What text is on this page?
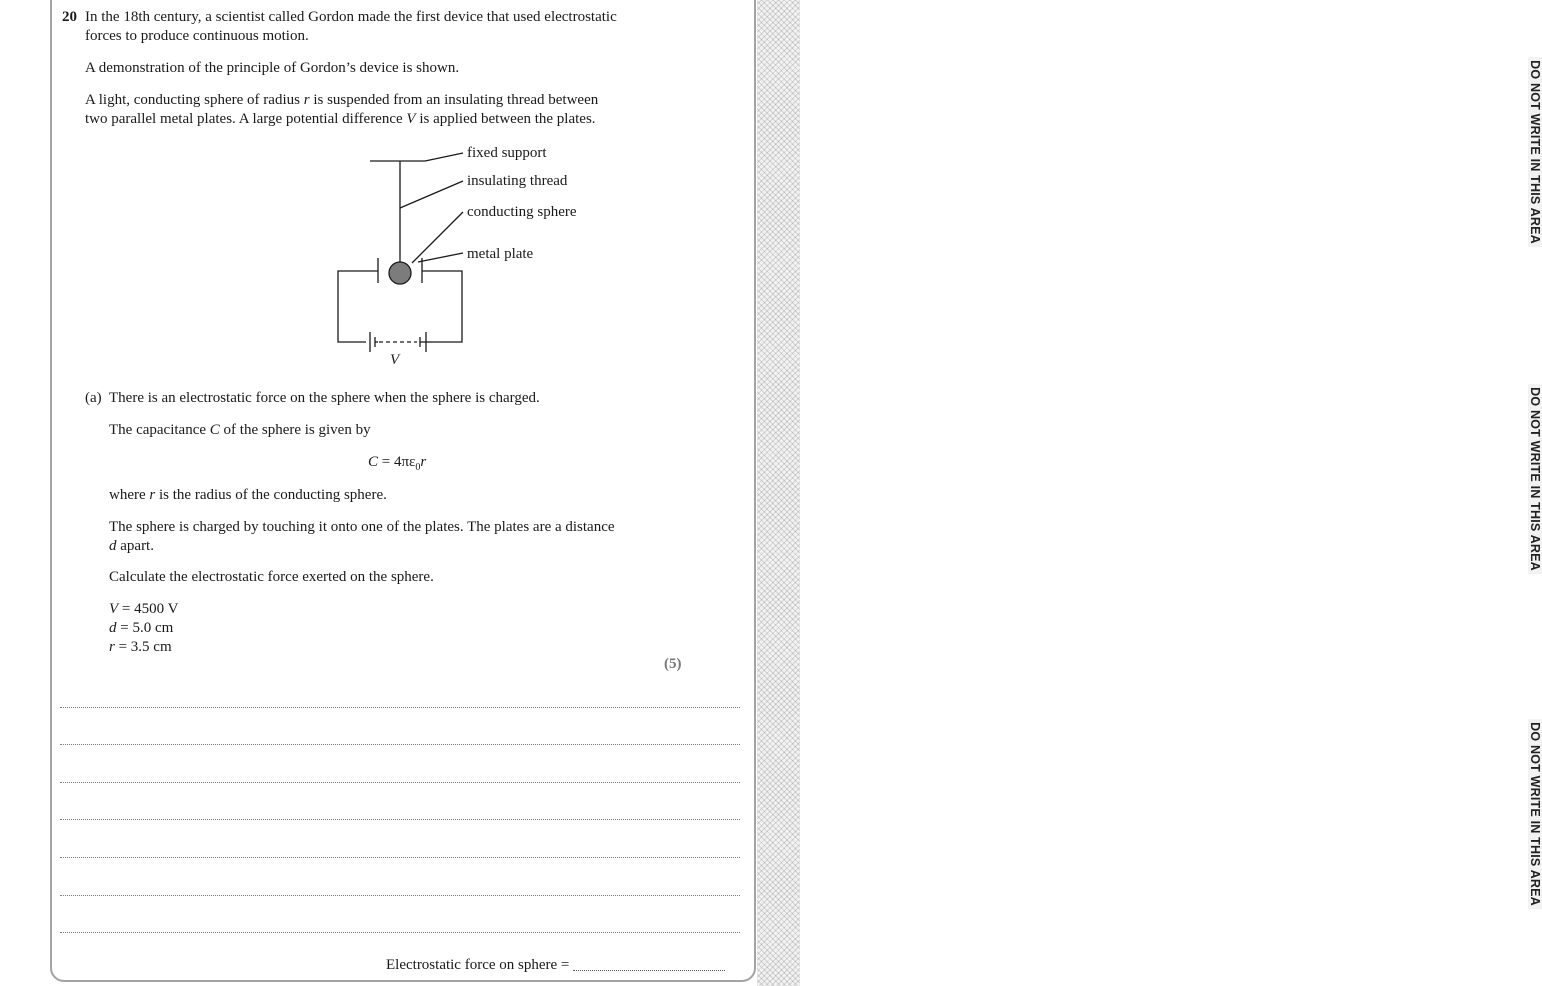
DO NOT WRITE IN THIS AREA
DO NOT WRITE IN THIS AREA
DO NOT WRITE IN THIS AREA
20 In the 18th century, a scientist called Gordon made the first device that used electrostatic
forces to produce continuous motion.
A demonstration of the principle of Gordon’s device is shown.
A light, conducting sphere of radius r is suspended from an insulating thread between
two parallel metal plates. A large potential difference V is applied between the plates.
fixed support
insulating thread
conducting sphere
metal plate
V
(a) There is an electrostatic force on the sphere when the sphere is charged.
The capacitance C of the sphere is given by
$C = 4\pi\varepsilon_0r$
where r is the radius of the conducting sphere.
The sphere is charged by touching it onto one of the plates. The plates are a distance
d apart.
Calculate the electrostatic force exerted on the sphere.
V = 4500 V
d = 5.0 cm
r = 3.5 cm
(5)
Electrostatic force on sphere =
